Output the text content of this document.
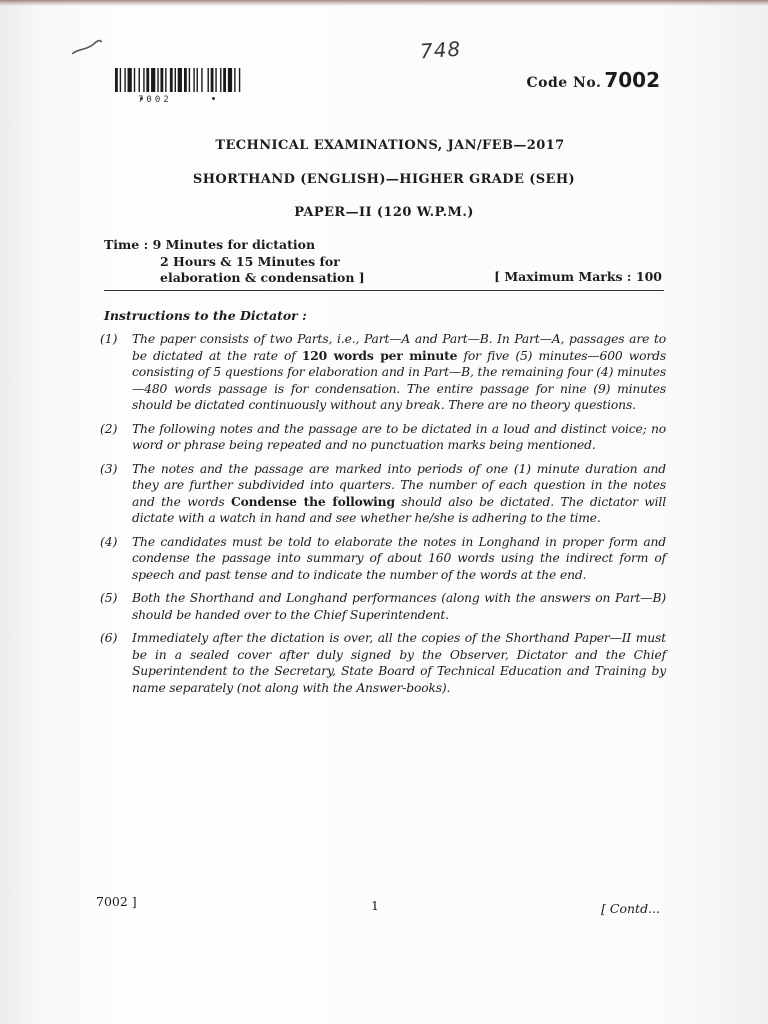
748
7002
Code No. 7002
TECHNICAL EXAMINATIONS, JAN/FEB—2017
SHORTHAND (ENGLISH)—HIGHER GRADE (SEH)
PAPER—II (120 W.P.M.)
Time : 9 Minutes for dictation
2 Hours & 15 Minutes for
elaboration & condensation ]	[ Maximum Marks : 100
Instructions to the Dictator :
(1)	The paper consists of two Parts, i.e., Part—A and Part—B. In Part—A, passages are to be dictated at the rate of 120 words per minute for five (5) minutes—600 words consisting of 5 questions for elaboration and in Part—B, the remaining four (4) minutes—480 words passage is for condensation. The entire passage for nine (9) minutes should be dictated continuously without any break. There are no theory questions.
(2)	The following notes and the passage are to be dictated in a loud and distinct voice; no word or phrase being repeated and no punctuation marks being mentioned.
(3)	The notes and the passage are marked into periods of one (1) minute duration and they are further subdivided into quarters. The number of each question in the notes and the words Condense the following should also be dictated. The dictator will dictate with a watch in hand and see whether he/she is adhering to the time.
(4)	The candidates must be told to elaborate the notes in Longhand in proper form and condense the passage into summary of about 160 words using the indirect form of speech and past tense and to indicate the number of the words at the end.
(5)	Both the Shorthand and Longhand performances (along with the answers on Part—B) should be handed over to the Chief Superintendent.
(6)	Immediately after the dictation is over, all the copies of the Shorthand Paper—II must be in a sealed cover after duly signed by the Observer, Dictator and the Chief Superintendent to the Secretary, State Board of Technical Education and Training by name separately (not along with the Answer-books).
7002 ]	1	[ Contd...
